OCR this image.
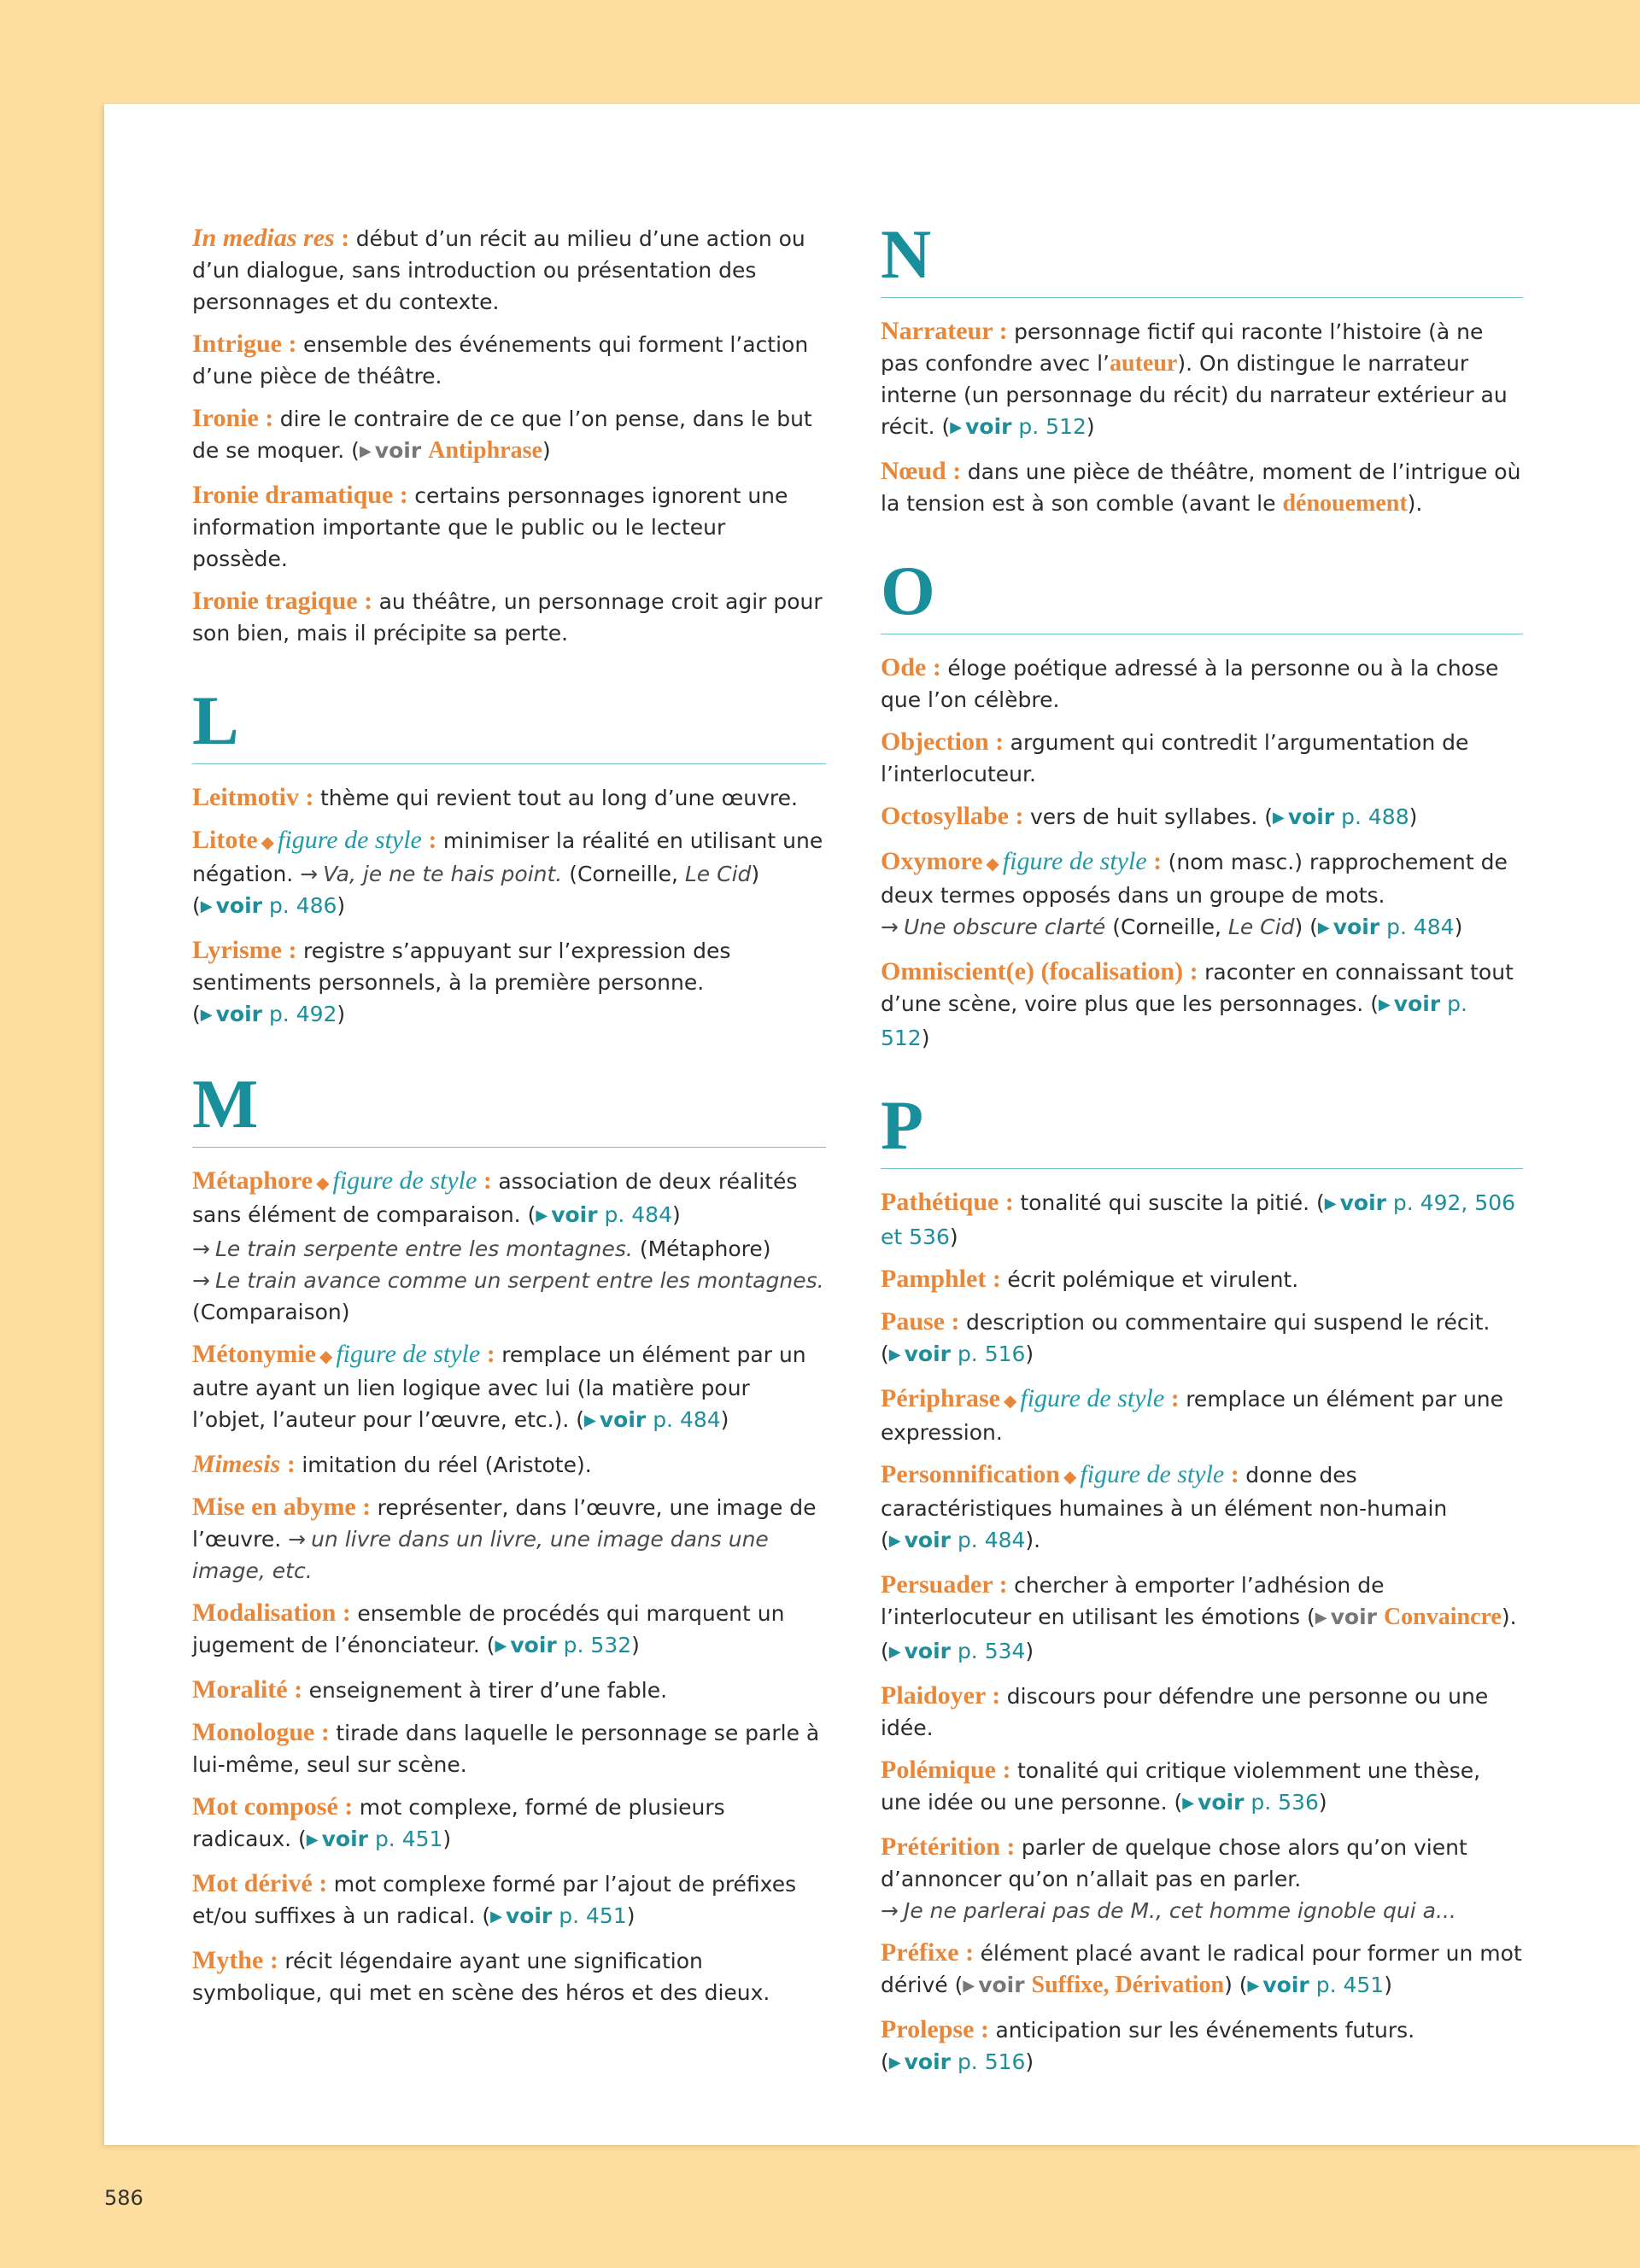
In medias res : début d’un récit au milieu d’une action ou d’un dialogue, sans introduction ou présentation des personnages et du contexte.

Intrigue : ensemble des événements qui forment l’action d’une pièce de théâtre.

Ironie : dire le contraire de ce que l’on pense, dans le but de se moquer. (▶ voir Antiphrase)

Ironie dramatique : certains personnages ignorent une information importante que le public ou le lecteur possède.

Ironie tragique : au théâtre, un personnage croit agir pour son bien, mais il précipite sa perte.

L

Leitmotiv : thème qui revient tout au long d’une œuvre.

Litote ◆ figure de style : minimiser la réalité en utilisant une négation. → Va, je ne te hais point. (Corneille, Le Cid)
(▶ voir p. 486)

Lyrisme : registre s’appuyant sur l’expression des sentiments personnels, à la première personne.
(▶ voir p. 492)

M

Métaphore ◆ figure de style : association de deux réalités sans élément de comparaison. (▶ voir p. 484)
→ Le train serpente entre les montagnes. (Métaphore)
→ Le train avance comme un serpent entre les montagnes.
(Comparaison)

Métonymie ◆ figure de style : remplace un élément par un autre ayant un lien logique avec lui (la matière pour l’objet, l’auteur pour l’œuvre, etc.). (▶ voir p. 484)

Mimesis : imitation du réel (Aristote).

Mise en abyme : représenter, dans l’œuvre, une image de l’œuvre. → un livre dans un livre, une image dans une image, etc.

Modalisation : ensemble de procédés qui marquent un jugement de l’énonciateur. (▶ voir p. 532)

Moralité : enseignement à tirer d’une fable.

Monologue : tirade dans laquelle le personnage se parle à lui-même, seul sur scène.

Mot composé : mot complexe, formé de plusieurs radicaux. (▶ voir p. 451)

Mot dérivé : mot complexe formé par l’ajout de préfixes et/ou suffixes à un radical. (▶ voir p. 451)

Mythe : récit légendaire ayant une signification symbolique, qui met en scène des héros et des dieux.

N

Narrateur : personnage fictif qui raconte l’histoire (à ne pas confondre avec l’auteur). On distingue le narrateur interne (un personnage du récit) du narrateur extérieur au récit. (▶ voir p. 512)

Nœud : dans une pièce de théâtre, moment de l’intrigue où la tension est à son comble (avant le dénouement).

O

Ode : éloge poétique adressé à la personne ou à la chose que l’on célèbre.

Objection : argument qui contredit l’argumentation de l’interlocuteur.

Octosyllabe : vers de huit syllabes. (▶ voir p. 488)

Oxymore ◆ figure de style : (nom masc.) rapprochement de deux termes opposés dans un groupe de mots.
→ Une obscure clarté (Corneille, Le Cid) (▶ voir p. 484)

Omniscient(e) (focalisation) : raconter en connaissant tout d’une scène, voire plus que les personnages. (▶ voir p. 512)

P

Pathétique : tonalité qui suscite la pitié. (▶ voir p. 492, 506 et 536)

Pamphlet : écrit polémique et virulent.

Pause : description ou commentaire qui suspend le récit.
(▶ voir p. 516)

Périphrase ◆ figure de style : remplace un élément par une expression.

Personnification ◆ figure de style : donne des caractéristiques humaines à un élément non-humain (▶ voir p. 484).

Persuader : chercher à emporter l’adhésion de l’interlocuteur en utilisant les émotions (▶ voir Convaincre).
(▶ voir p. 534)

Plaidoyer : discours pour défendre une personne ou une idée.

Polémique : tonalité qui critique violemment une thèse, une idée ou une personne. (▶ voir p. 536)

Prétérition : parler de quelque chose alors qu’on vient d’annoncer qu’on n’allait pas en parler.
→ Je ne parlerai pas de M., cet homme ignoble qui a...

Préfixe : élément placé avant le radical pour former un mot dérivé (▶ voir Suffixe, Dérivation) (▶ voir p. 451)

Prolepse : anticipation sur les événements futurs.
(▶ voir p. 516)

586
